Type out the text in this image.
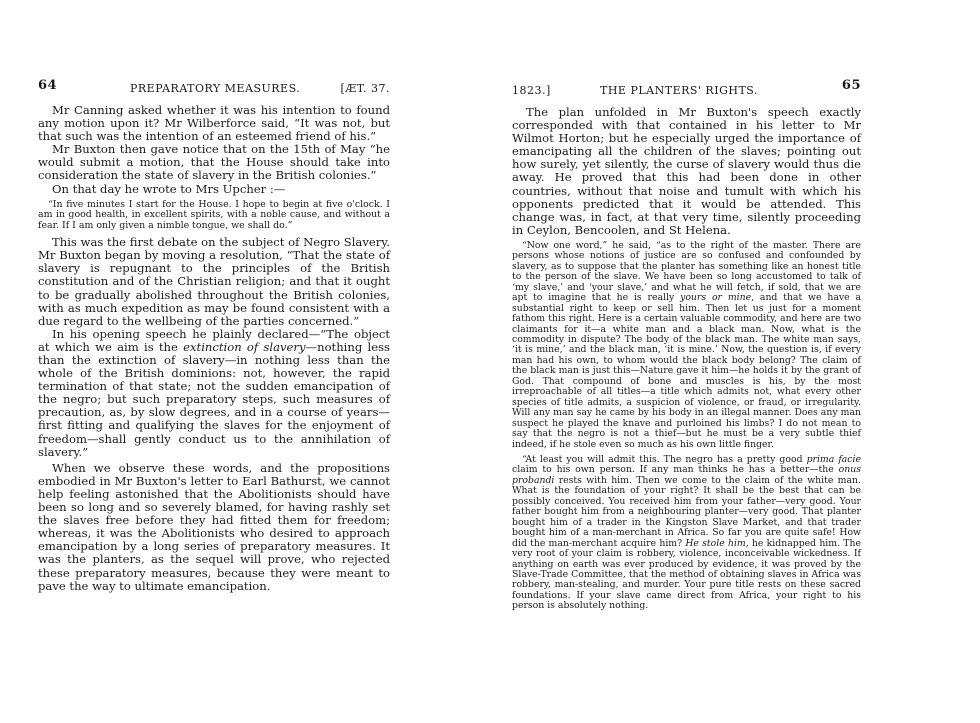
64	PREPARATORY MEASURES.	[ÆT. 37.

Mr Canning asked whether it was his intention to found any motion upon it? Mr Wilberforce said, “It was not, but that such was the intention of an esteemed friend of his.”

Mr Buxton then gave notice that on the 15th of May “he would submit a motion, that the House should take into consideration the state of slavery in the British colonies.”

On that day he wrote to Mrs Upcher :—

“In five minutes I start for the House. I hope to begin at five o'clock. I am in good health, in excellent spirits, with a noble cause, and without a fear. If I am only given a nimble tongue, we shall do.”

This was the first debate on the subject of Negro Slavery. Mr Buxton began by moving a resolution, “That the state of slavery is repugnant to the principles of the British constitution and of the Christian religion; and that it ought to be gradually abolished throughout the British colonies, with as much expedition as may be found consistent with a due regard to the wellbeing of the parties concerned.”

In his opening speech he plainly declared—“The object at which we aim is the extinction of slavery—nothing less than the extinction of slavery—in nothing less than the whole of the British dominions: not, however, the rapid termination of that state; not the sudden emancipation of the negro; but such preparatory steps, such measures of precaution, as, by slow degrees, and in a course of years—first fitting and qualifying the slaves for the enjoyment of freedom—shall gently conduct us to the annihilation of slavery.”

When we observe these words, and the propositions embodied in Mr Buxton's letter to Earl Bathurst, we cannot help feeling astonished that the Abolitionists should have been so long and so severely blamed, for having rashly set the slaves free before they had fitted them for freedom; whereas, it was the Abolitionists who desired to approach emancipation by a long series of preparatory measures. It was the planters, as the sequel will prove, who rejected these preparatory measures, because they were meant to pave the way to ultimate emancipation.

1823.]	THE PLANTERS' RIGHTS.	65

The plan unfolded in Mr Buxton's speech exactly corresponded with that contained in his letter to Mr Wilmot Horton; but he especially urged the importance of emancipating all the children of the slaves; pointing out how surely, yet silently, the curse of slavery would thus die away. He proved that this had been done in other countries, without that noise and tumult with which his opponents predicted that it would be attended. This change was, in fact, at that very time, silently proceeding in Ceylon, Bencoolen, and St Helena.

“Now one word,” he said, “as to the right of the master. There are persons whose notions of justice are so confused and confounded by slavery, as to suppose that the planter has something like an honest title to the person of the slave. We have been so long accustomed to talk of ‘my slave,’ and ‘your slave,’ and what he will fetch, if sold, that we are apt to imagine that he is really yours or mine, and that we have a substantial right to keep or sell him. Then let us just for a moment fathom this right. Here is a certain valuable commodity, and here are two claimants for it—a white man and a black man. Now, what is the commodity in dispute? The body of the black man. The white man says, ‘it is mine,’ and the black man, ‘it is mine.’ Now, the question is, if every man had his own, to whom would the black body belong? The claim of the black man is just this—Nature gave it him—he holds it by the grant of God. That compound of bone and muscles is his, by the most irreproachable of all titles—a title which admits not, what every other species of title admits, a suspicion of violence, or fraud, or irregularity. Will any man say he came by his body in an illegal manner. Does any man suspect he played the knave and purloined his limbs? I do not mean to say that the negro is not a thief—but he must be a very subtle thief indeed, if he stole even so much as his own little finger.

“At least you will admit this. The negro has a pretty good prima facie claim to his own person. If any man thinks he has a better—the onus probandi rests with him. Then we come to the claim of the white man. What is the foundation of your right? It shall be the best that can be possibly conceived. You received him from your father—very good. Your father bought him from a neighbouring planter—very good. That planter bought him of a trader in the Kingston Slave Market, and that trader bought him of a man-merchant in Africa. So far you are quite safe! How did the man-merchant acquire him? He stole him, he kidnapped him. The very root of your claim is robbery, violence, inconceivable wickedness. If anything on earth was ever produced by evidence, it was proved by the Slave-Trade Committee, that the method of obtaining slaves in Africa was robbery, man-stealing, and murder. Your pure title rests on these sacred foundations. If your slave came direct from Africa, your right to his person is absolutely nothing.
